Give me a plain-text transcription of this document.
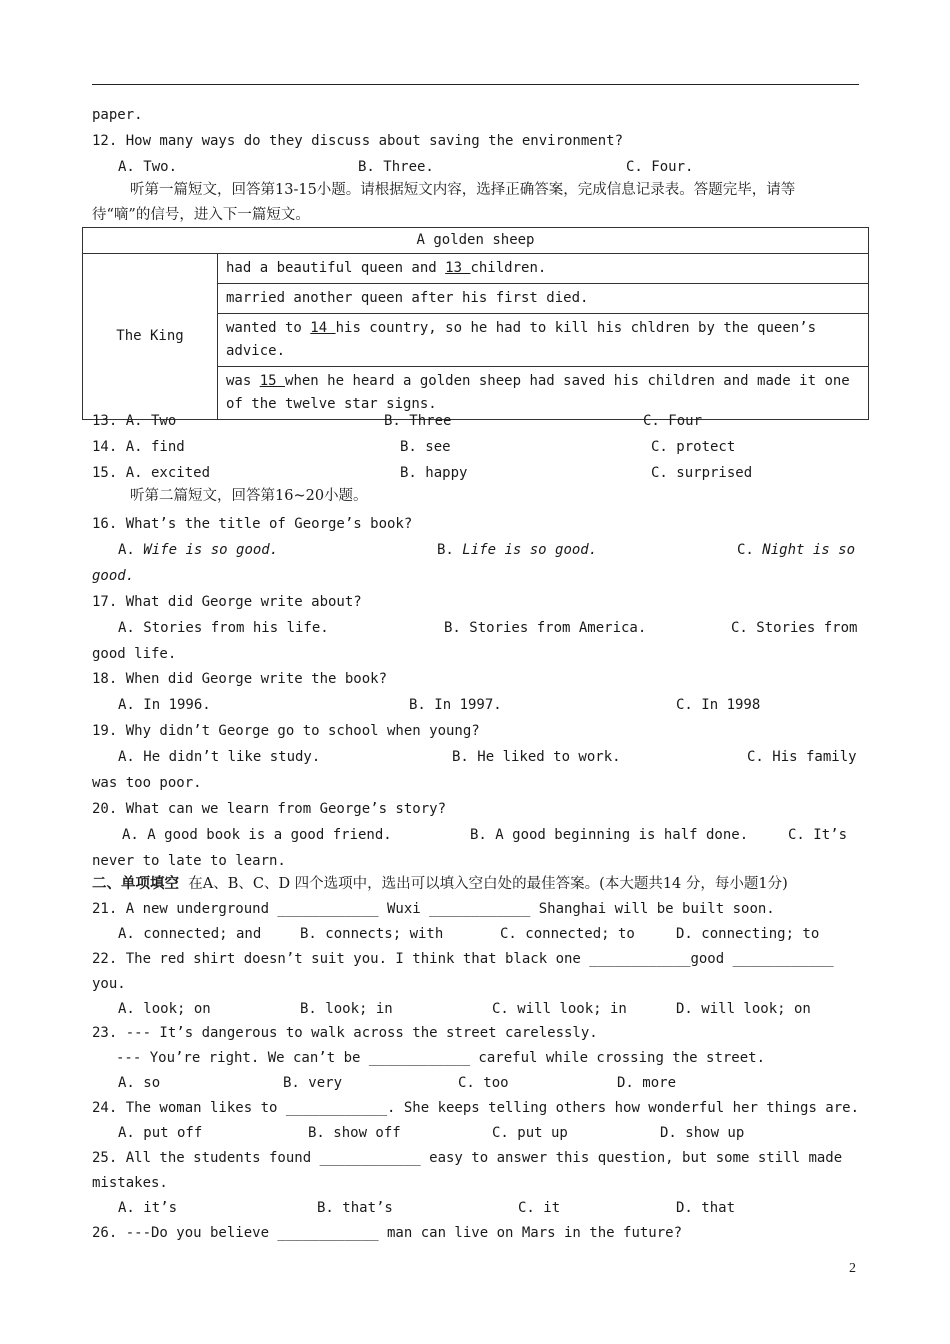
paper.
12. How many ways do they discuss about saving the environment?
A. Two.	B. Three.	C. Four.
听第一篇短文，回答第13-15小题。请根据短文内容，选择正确答案，完成信息记录表。答题完毕，请等
待“嘀”的信号，进入下一篇短文。
A golden sheep
The King	had a beautiful queen and 13 children.
married another queen after his first died.
wanted to 14 his country, so he had to kill his chldren by the queen’s advice.
was 15 when he heard a golden sheep had saved his children and made it one of the twelve star signs.
13. A. Two	B. Three	C. Four
14. A. find	B. see	C. protect
15. A. excited	B. happy	C. surprised
听第二篇短文，回答第16~20小题。
16. What’s the title of George’s book?
A. Wife is so good.	B. Life is so good.	C. Night is so
good.
17. What did George write about?
A. Stories from his life.	B. Stories from America.	C. Stories from
good life.
18. When did George write the book?
A. In 1996.	B. In 1997.	C. In 1998
19. Why didn’t George go to school when young?
A. He didn’t like study.	B. He liked to work.	C. His family
was too poor.
20. What can we learn from George’s story?
A. A good book is a good friend.	B. A good beginning is half done.	C. It’s
never to late to learn.
二、单项填空 在A、B、C、D 四个选项中，选出可以填入空白处的最佳答案。(本大题共14 分，每小题1分)
21. A new underground ____________ Wuxi ____________ Shanghai will be built soon.
A. connected; and	B. connects; with	C. connected; to	D. connecting; to
22. The red shirt doesn’t suit you. I think that black one ____________good ____________
you.
A. look; on	B. look; in	C. will look; in	D. will look; on
23. --- It’s dangerous to walk across the street carelessly.
--- You’re right. We can’t be ____________ careful while crossing the street.
A. so	B. very	C. too	D. more
24. The woman likes to ____________. She keeps telling others how wonderful her things are.
A. put off	B. show off	C. put up	D. show up
25. All the students found ____________ easy to answer this question, but some still made
mistakes.
A. it’s	B. that’s	C. it	D. that
26. ---Do you believe ____________ man can live on Mars in the future?
2
